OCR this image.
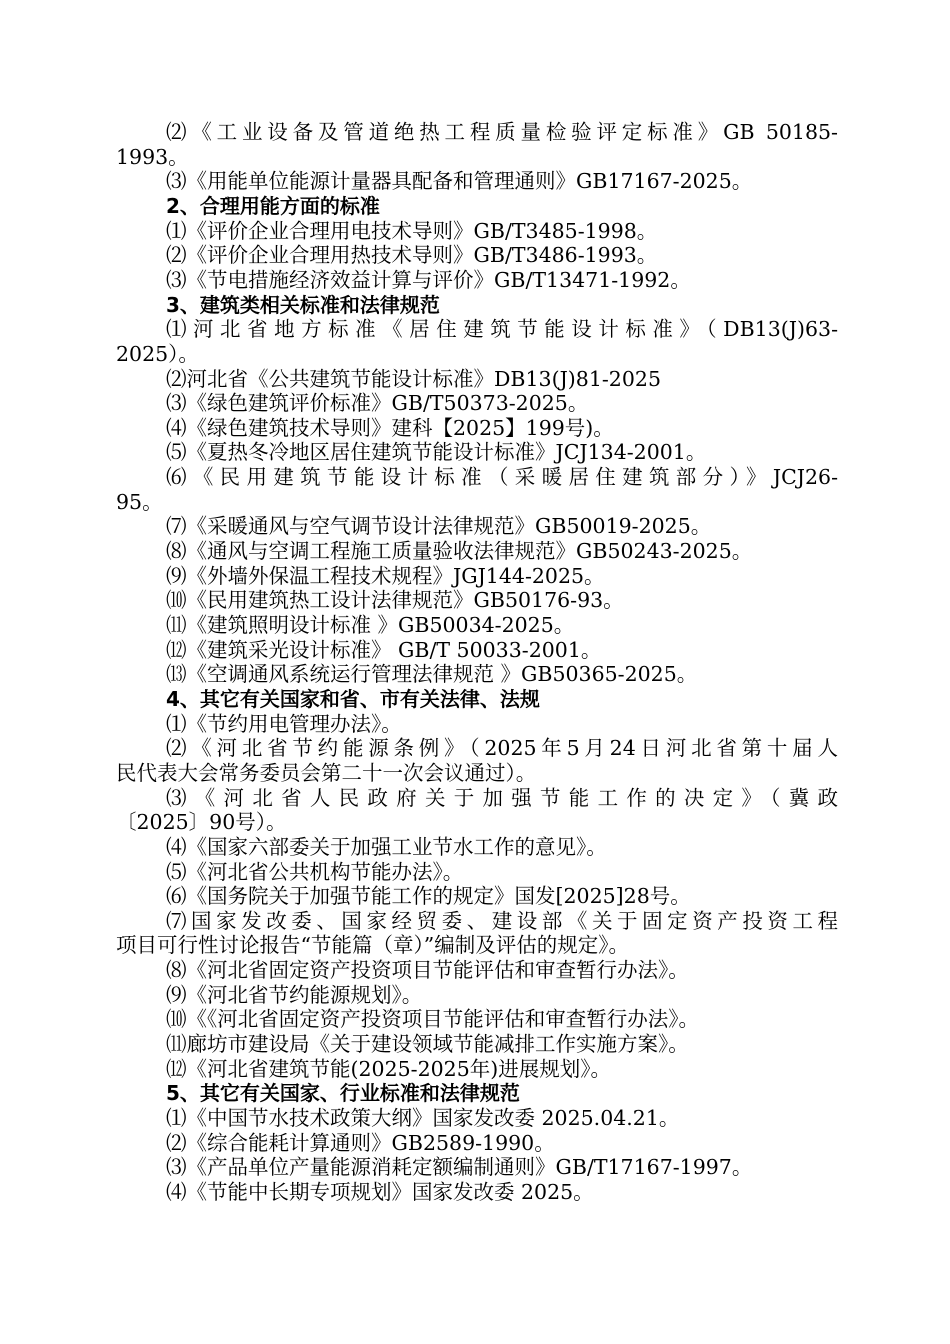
⑵《工业设备及管道绝热工程质量检验评定标准》GB 50185-
1993。
⑶《用能单位能源计量器具配备和管理通则》GB17167-2025。
2、合理用能方面的标准
⑴《评价企业合理用电技术导则》GB/T3485-1998。
⑵《评价企业合理用热技术导则》GB/T3486-1993。
⑶《节电措施经济效益计算与评价》GB/T13471-1992。
3、建筑类相关标准和法律规范
⑴河北省地方标准《居住建筑节能设计标准》（DB13(J)63-
2025）。
⑵河北省《公共建筑节能设计标准》DB13(J)81-2025
⑶《绿色建筑评价标准》GB/T50373-2025。
⑷《绿色建筑技术导则》建科【2025】199号)。
⑸《夏热冬冷地区居住建筑节能设计标准》JCJ134-2001。
⑹《民用建筑节能设计标准（采暖居住建筑部分）》JCJ26-
95。
⑺《采暖通风与空气调节设计法律规范》GB50019-2025。
⑻《通风与空调工程施工质量验收法律规范》GB50243-2025。
⑼《外墙外保温工程技术规程》JGJ144-2025。
⑽《民用建筑热工设计法律规范》GB50176-93。
⑾《建筑照明设计标准 》GB50034-2025。
⑿《建筑采光设计标准》 GB/T 50033-2001。
⒀《空调通风系统运行管理法律规范 》GB50365-2025。
4、其它有关国家和省、市有关法律、法规
⑴《节约用电管理办法》。
⑵《河北省节约能源条例》（2025年5月24日河北省第十届人
民代表大会常务委员会第二十一次会议通过）。
⑶《河北省人民政府关于加强节能工作的决定》（冀政
〔2025〕90号）。
⑷《国家六部委关于加强工业节水工作的意见》。
⑸《河北省公共机构节能办法》。
⑹《国务院关于加强节能工作的规定》国发[2025]28号。
⑺国家发改委、国家经贸委、建设部《关于固定资产投资工程
项目可行性讨论报告“节能篇（章）”编制及评估的规定》。
⑻《河北省固定资产投资项目节能评估和审查暂行办法》。
⑼《河北省节约能源规划》。
⑽《《河北省固定资产投资项目节能评估和审查暂行办法》。
⑾廊坊市建设局《关于建设领域节能减排工作实施方案》。
⑿《河北省建筑节能(2025-2025年)进展规划》。
5、其它有关国家、行业标准和法律规范
⑴《中国节水技术政策大纲》国家发改委 2025.04.21。
⑵《综合能耗计算通则》GB2589-1990。
⑶《产品单位产量能源消耗定额编制通则》GB/T17167-1997。
⑷《节能中长期专项规划》国家发改委 2025。
